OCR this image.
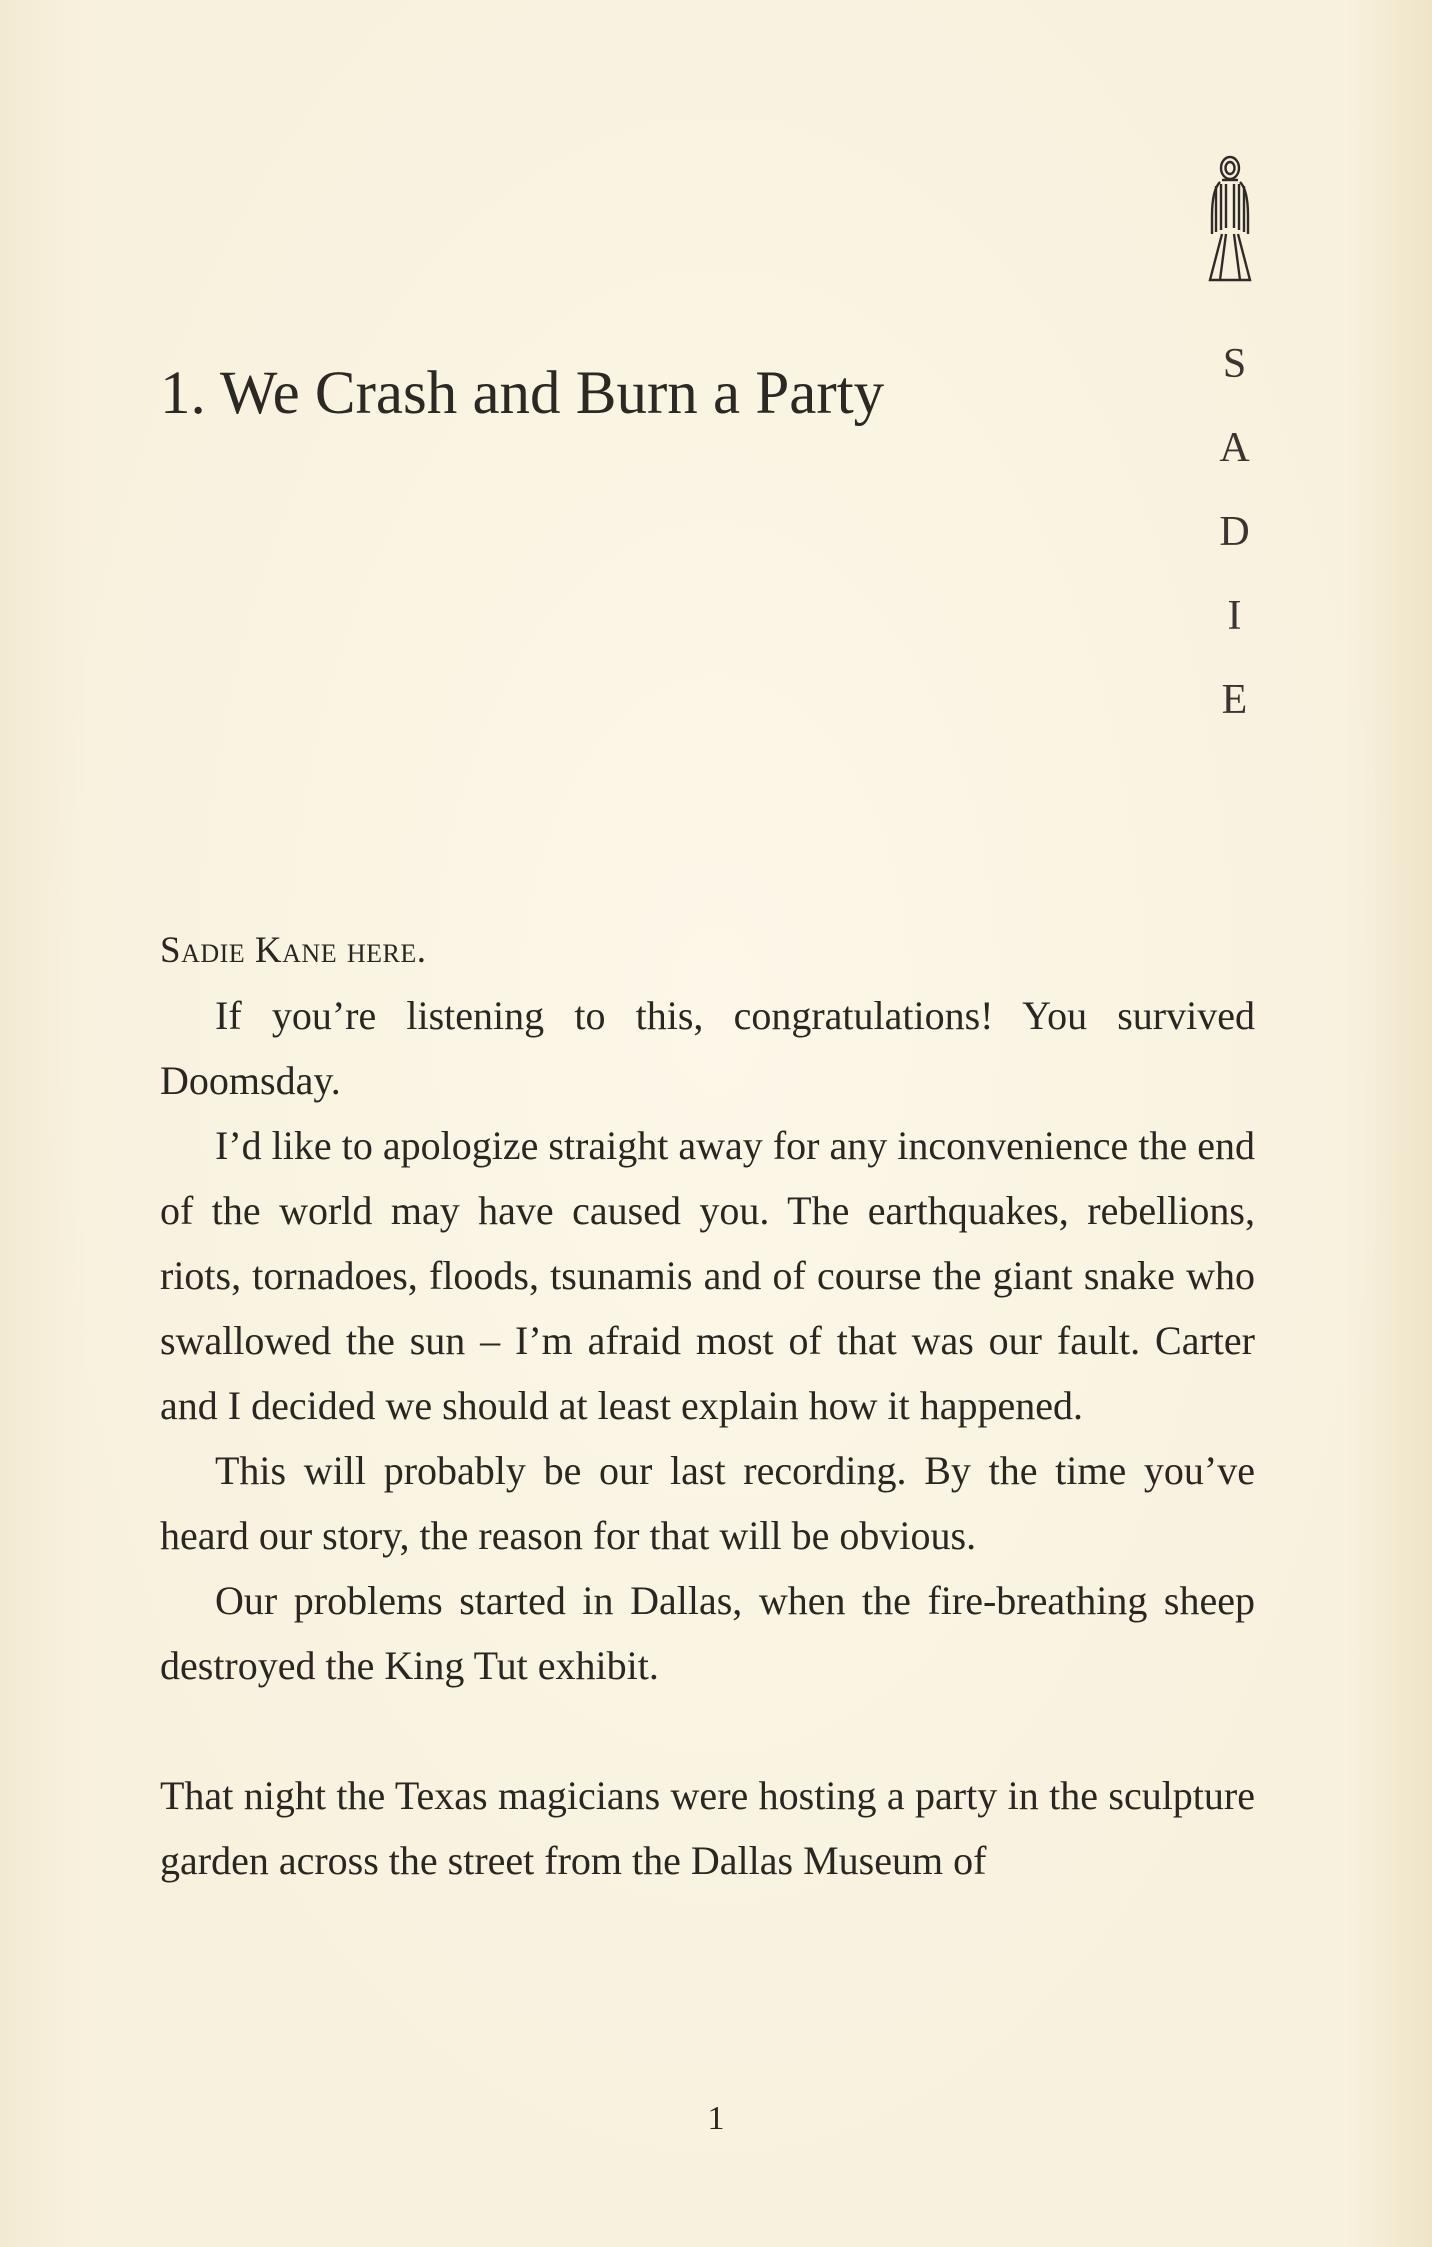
S
A
D
I
E
1. We Crash and Burn a Party

Sadie Kane here.

If you’re listening to this, congratulations! You survived Doomsday.

I’d like to apologize straight away for any inconvenience the end of the world may have caused you. The earthquakes, rebellions, riots, tornadoes, floods, tsunamis and of course the giant snake who swallowed the sun – I’m afraid most of that was our fault. Carter and I decided we should at least explain how it happened.

This will probably be our last recording. By the time you’ve heard our story, the reason for that will be obvious.

Our problems started in Dallas, when the fire-breathing sheep destroyed the King Tut exhibit.

That night the Texas magicians were hosting a party in the sculpture garden across the street from the Dallas Museum of

1
